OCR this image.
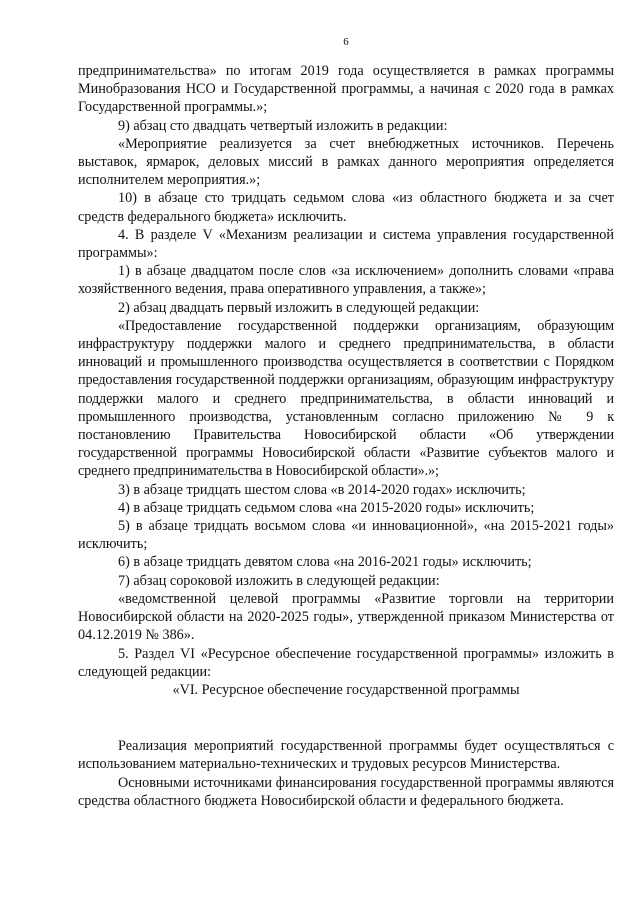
6

предпринимательства» по итогам 2019 года осуществляется в рамках программы Минобразования НСО и Государственной программы, а начиная с 2020 года в рамках Государственной программы.»;

9) абзац сто двадцать четвертый изложить в редакции:

«Мероприятие реализуется за счет внебюджетных источников. Перечень выставок, ярмарок, деловых миссий в рамках данного мероприятия определяется исполнителем мероприятия.»;

10) в абзаце сто тридцать седьмом слова «из областного бюджета и за счет средств федерального бюджета» исключить.

4. В разделе V «Механизм реализации и система управления государственной программы»:

1) в абзаце двадцатом после слов «за исключением» дополнить словами «права хозяйственного ведения, права оперативного управления, а также»;

2) абзац двадцать первый изложить в следующей редакции:

«Предоставление государственной поддержки организациям, образующим инфраструктуру поддержки малого и среднего предпринимательства, в области инноваций и промышленного производства осуществляется в соответствии с Порядком предоставления государственной поддержки организациям, образующим инфраструктуру поддержки малого и среднего предпринимательства, в области инноваций и промышленного производства, установленным согласно приложению № 9 к постановлению Правительства Новосибирской области «Об утверждении государственной программы Новосибирской области «Развитие субъектов малого и среднего предпринимательства в Новосибирской области».»;

3) в абзаце тридцать шестом слова «в 2014-2020 годах» исключить;

4) в абзаце тридцать седьмом слова «на 2015-2020 годы» исключить;

5) в абзаце тридцать восьмом слова «и инновационной», «на 2015-2021 годы» исключить;

6) в абзаце тридцать девятом слова «на 2016-2021 годы» исключить;

7) абзац сороковой изложить в следующей редакции:

«ведомственной целевой программы «Развитие торговли на территории Новосибирской области на 2020-2025 годы», утвержденной приказом Министерства от 04.12.2019 № 386».

5. Раздел VI «Ресурсное обеспечение государственной программы» изложить в следующей редакции:

«VI. Ресурсное обеспечение государственной программы

Реализация мероприятий государственной программы будет осуществляться с использованием материально-технических и трудовых ресурсов Министерства.

Основными источниками финансирования государственной программы являются средства областного бюджета Новосибирской области и федерального бюджета.
